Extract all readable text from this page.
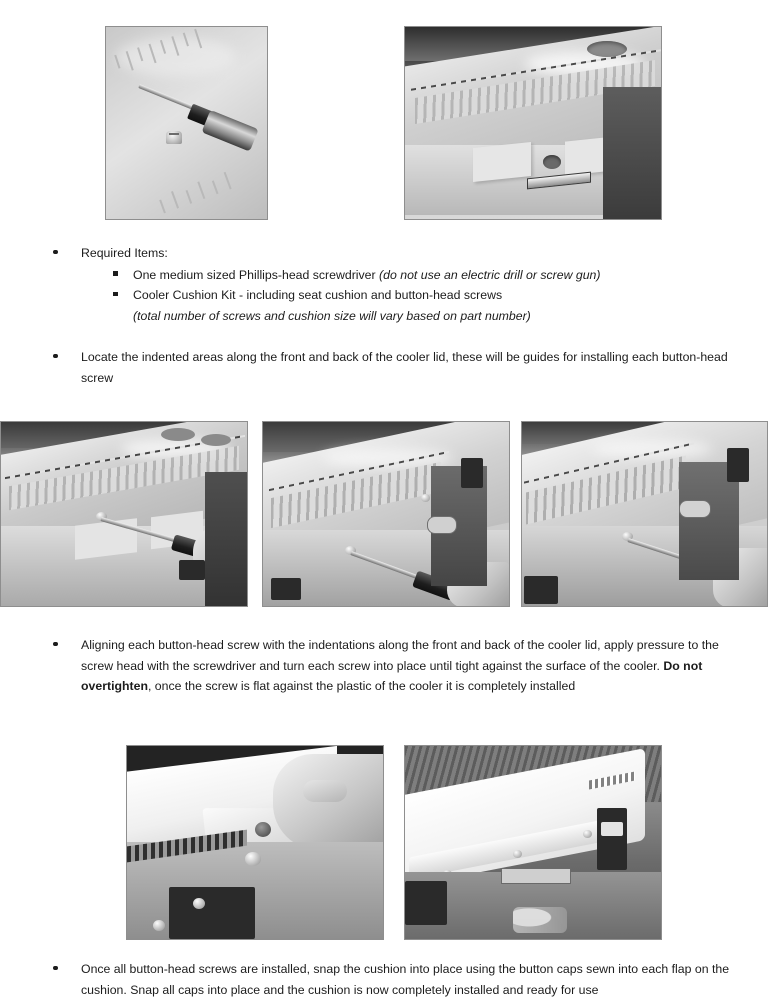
Required Items:
One medium sized Phillips-head screwdriver (do not use an electric drill or screw gun)
Cooler Cushion Kit - including seat cushion and button-head screws
(total number of screws and cushion size will vary based on part number)
Locate the indented areas along the front and back of the cooler lid, these will be guides for installing each button-head screw
Aligning each button-head screw with the indentations along the front and back of the cooler lid, apply pressure to the screw head with the screwdriver and turn each screw into place until tight against the surface of the cooler. Do not overtighten, once the screw is flat against the plastic of the cooler it is completely installed
Once all button-head screws are installed, snap the cushion into place using the button caps sewn into each flap on the cushion. Snap all caps into place and the cushion is now completely installed and ready for use
